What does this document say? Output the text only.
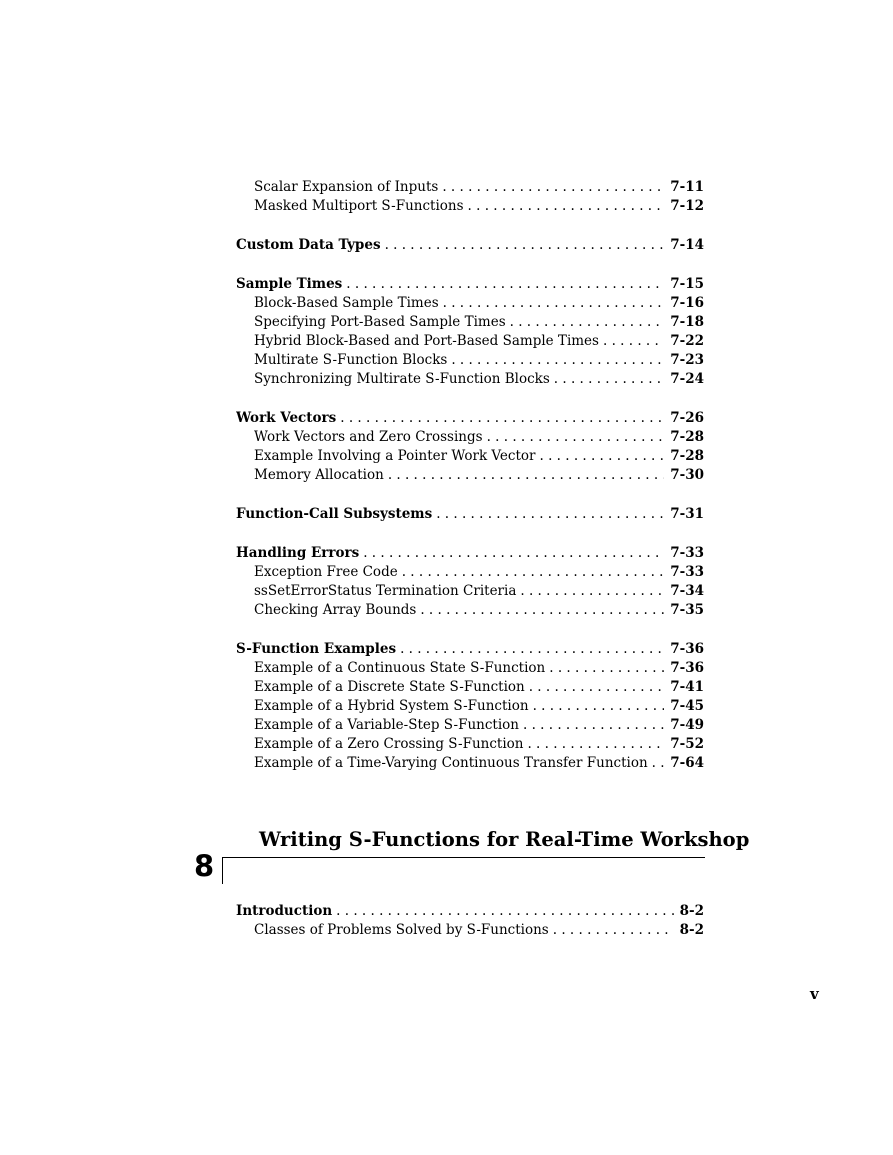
Scalar Expansion of Inputs . . .	7-11
Masked Multiport S-Functions . . .	7-12
Custom Data Types . . .	7-14
Sample Times . . .	7-15
Block-Based Sample Times . . .	7-16
Specifying Port-Based Sample Times . . .	7-18
Hybrid Block-Based and Port-Based Sample Times . . .	7-22
Multirate S-Function Blocks . . .	7-23
Synchronizing Multirate S-Function Blocks . . .	7-24
Work Vectors . . .	7-26
Work Vectors and Zero Crossings . . .	7-28
Example Involving a Pointer Work Vector . . .	7-28
Memory Allocation . . .	7-30
Function-Call Subsystems . . .	7-31
Handling Errors . . .	7-33
Exception Free Code . . .	7-33
ssSetErrorStatus Termination Criteria . . .	7-34
Checking Array Bounds . . .	7-35
S-Function Examples . . .	7-36
Example of a Continuous State S-Function . . .	7-36
Example of a Discrete State S-Function . . .	7-41
Example of a Hybrid System S-Function . . .	7-45
Example of a Variable-Step S-Function . . .	7-49
Example of a Zero Crossing S-Function . . .	7-52
Example of a Time-Varying Continuous Transfer Function . . . 7-64
Writing S-Functions for Real-Time Workshop
8
Introduction . . .	8-2
Classes of Problems Solved by S-Functions . . .	8-2
v
